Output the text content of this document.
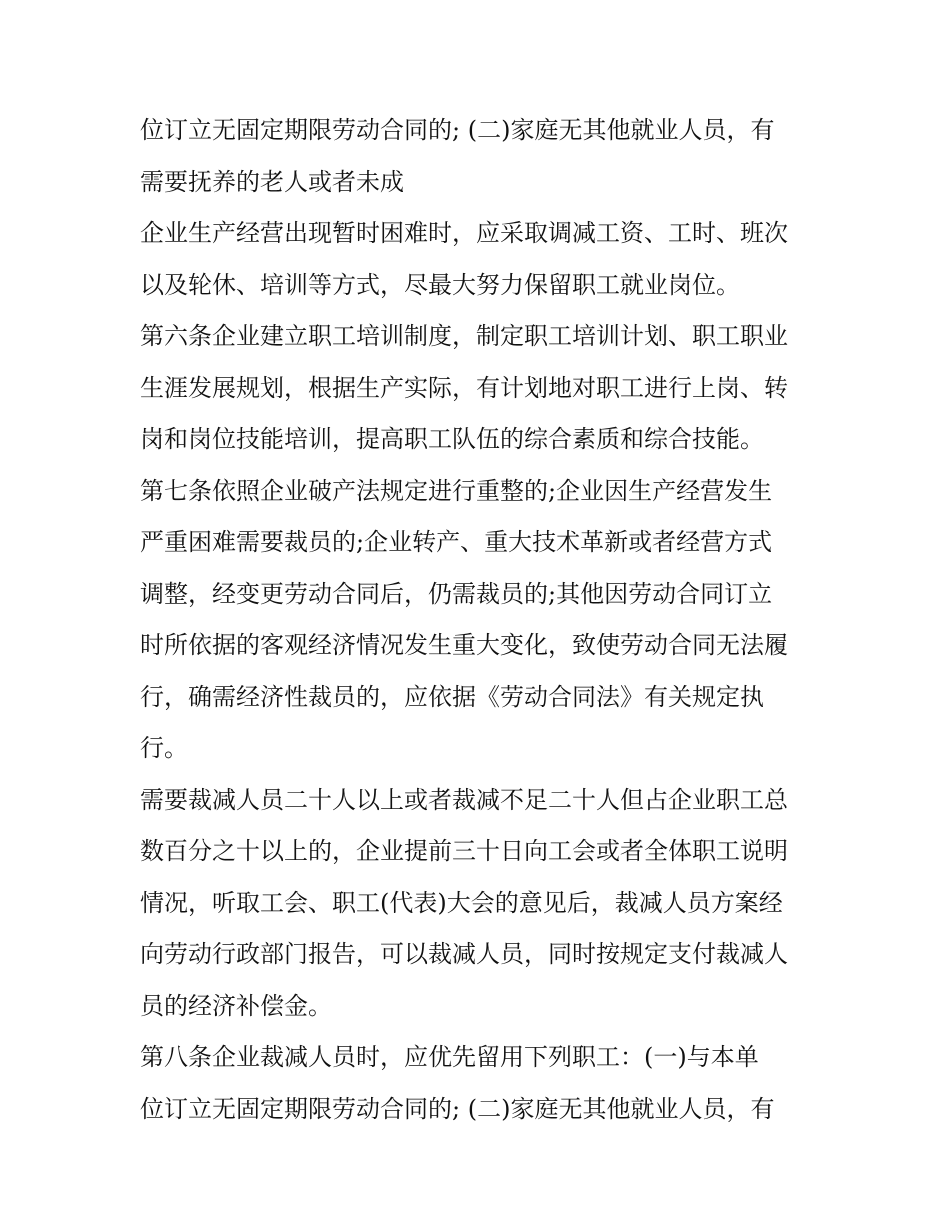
位订立无固定期限劳动合同的; (二)家庭无其他就业人员，有
需要抚养的老人或者未成

企业生产经营出现暂时困难时，应采取调减工资、工时、班次
以及轮休、培训等方式，尽最大努力保留职工就业岗位。

第六条企业建立职工培训制度，制定职工培训计划、职工职业
生涯发展规划，根据生产实际，有计划地对职工进行上岗、转
岗和岗位技能培训，提高职工队伍的综合素质和综合技能。

第七条依照企业破产法规定进行重整的;企业因生产经营发生
严重困难需要裁员的;企业转产、重大技术革新或者经营方式
调整，经变更劳动合同后，仍需裁员的;其他因劳动合同订立
时所依据的客观经济情况发生重大变化，致使劳动合同无法履
行，确需经济性裁员的，应依据《劳动合同法》有关规定执
行。

需要裁减人员二十人以上或者裁减不足二十人但占企业职工总
数百分之十以上的，企业提前三十日向工会或者全体职工说明
情况，听取工会、职工(代表)大会的意见后，裁减人员方案经
向劳动行政部门报告，可以裁减人员，同时按规定支付裁减人
员的经济补偿金。

第八条企业裁减人员时，应优先留用下列职工：(一)与本单
位订立无固定期限劳动合同的; (二)家庭无其他就业人员，有
